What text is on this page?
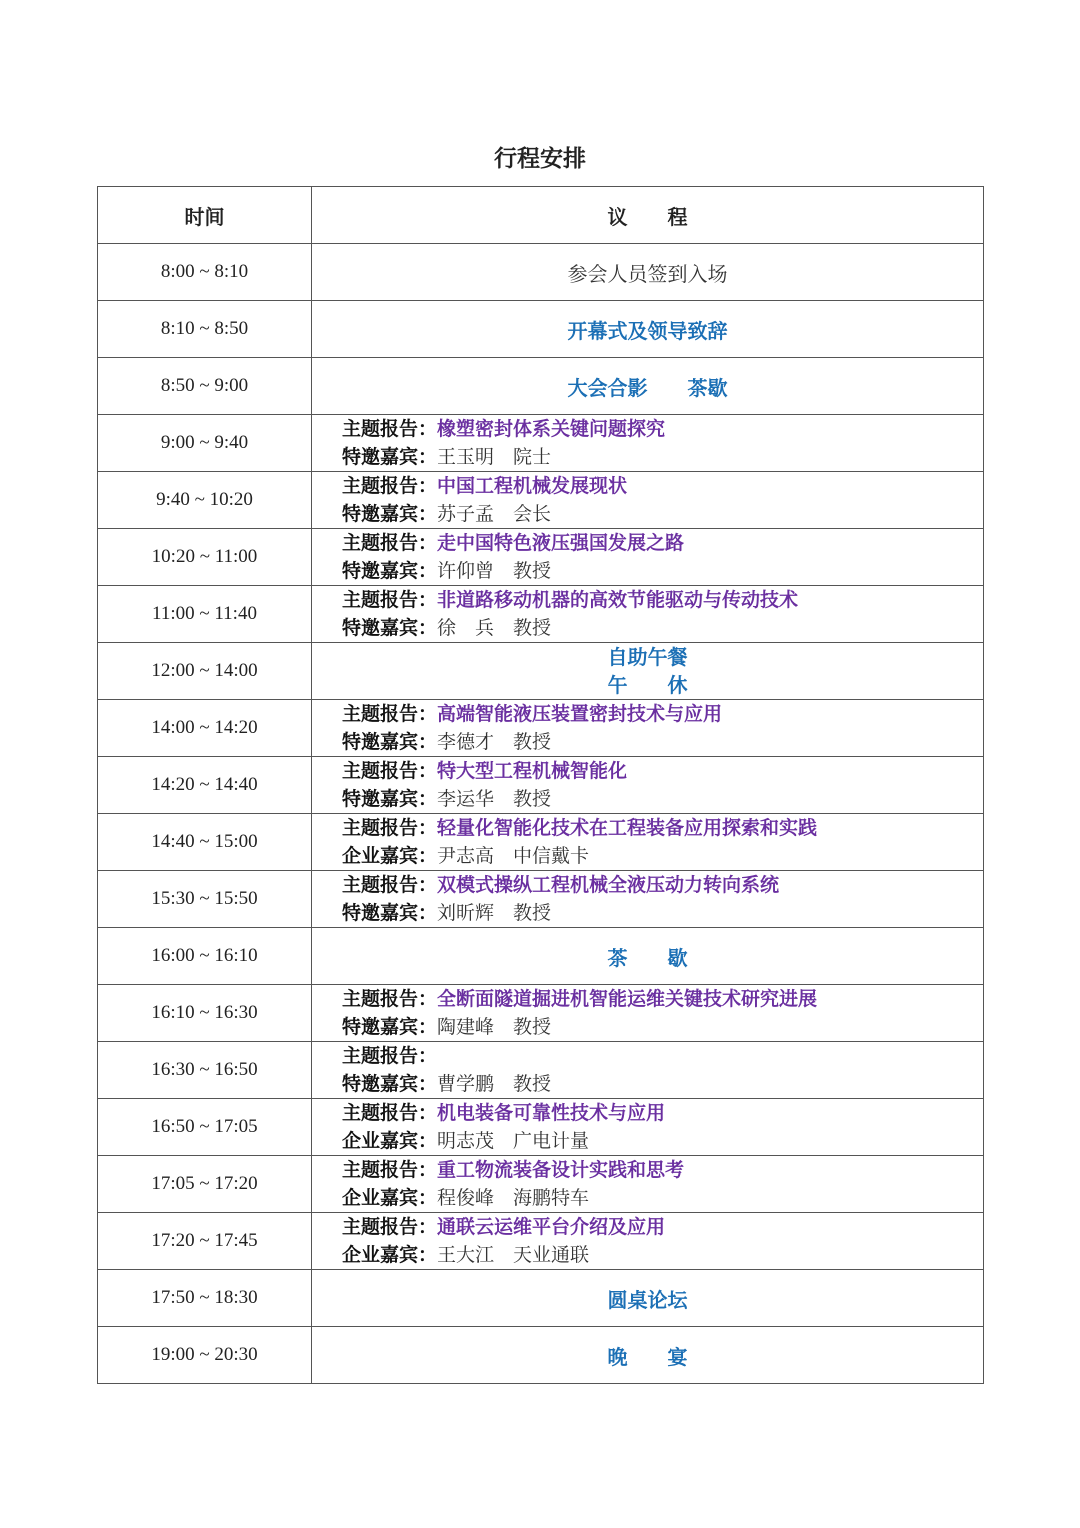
行程安排
时间	议　　程
8:00 ~ 8:10	参会人员签到入场
8:10 ~ 8:50	开幕式及领导致辞
8:50 ~ 9:00	大会合影　　茶歇
9:00 ~ 9:40	主题报告：橡塑密封体系关键问题探究
特邀嘉宾：王玉明　院士

9:40 ~ 10:20	主题报告：中国工程机械发展现状
特邀嘉宾：苏子孟　会长

10:20 ~ 11:00	主题报告：走中国特色液压强国发展之路
特邀嘉宾：许仰曾　教授

11:00 ~ 11:40	主题报告：非道路移动机器的高效节能驱动与传动技术
特邀嘉宾：徐　兵　教授

12:00 ~ 14:00	自助午餐
午　　休

14:00 ~ 14:20	主题报告：高端智能液压装置密封技术与应用
特邀嘉宾：李德才　教授

14:20 ~ 14:40	主题报告：特大型工程机械智能化
特邀嘉宾：李运华　教授

14:40 ~ 15:00	主题报告：轻量化智能化技术在工程装备应用探索和实践
企业嘉宾：尹志高　中信戴卡

15:30 ~ 15:50	主题报告：双模式操纵工程机械全液压动力转向系统
特邀嘉宾：刘昕辉　教授

16:00 ~ 16:10	茶　　歇
16:10 ~ 16:30	主题报告：全断面隧道掘进机智能运维关键技术研究进展
特邀嘉宾：陶建峰　教授

16:30 ~ 16:50	主题报告：
特邀嘉宾：曹学鹏　教授

16:50 ~ 17:05	主题报告：机电装备可靠性技术与应用
企业嘉宾：明志茂　广电计量

17:05 ~ 17:20	主题报告：重工物流装备设计实践和思考
企业嘉宾：程俊峰　海鹏特车

17:20 ~ 17:45	主题报告：通联云运维平台介绍及应用
企业嘉宾：王大江　天业通联

17:50 ~ 18:30	圆桌论坛
19:00 ~ 20:30	晚　　宴
